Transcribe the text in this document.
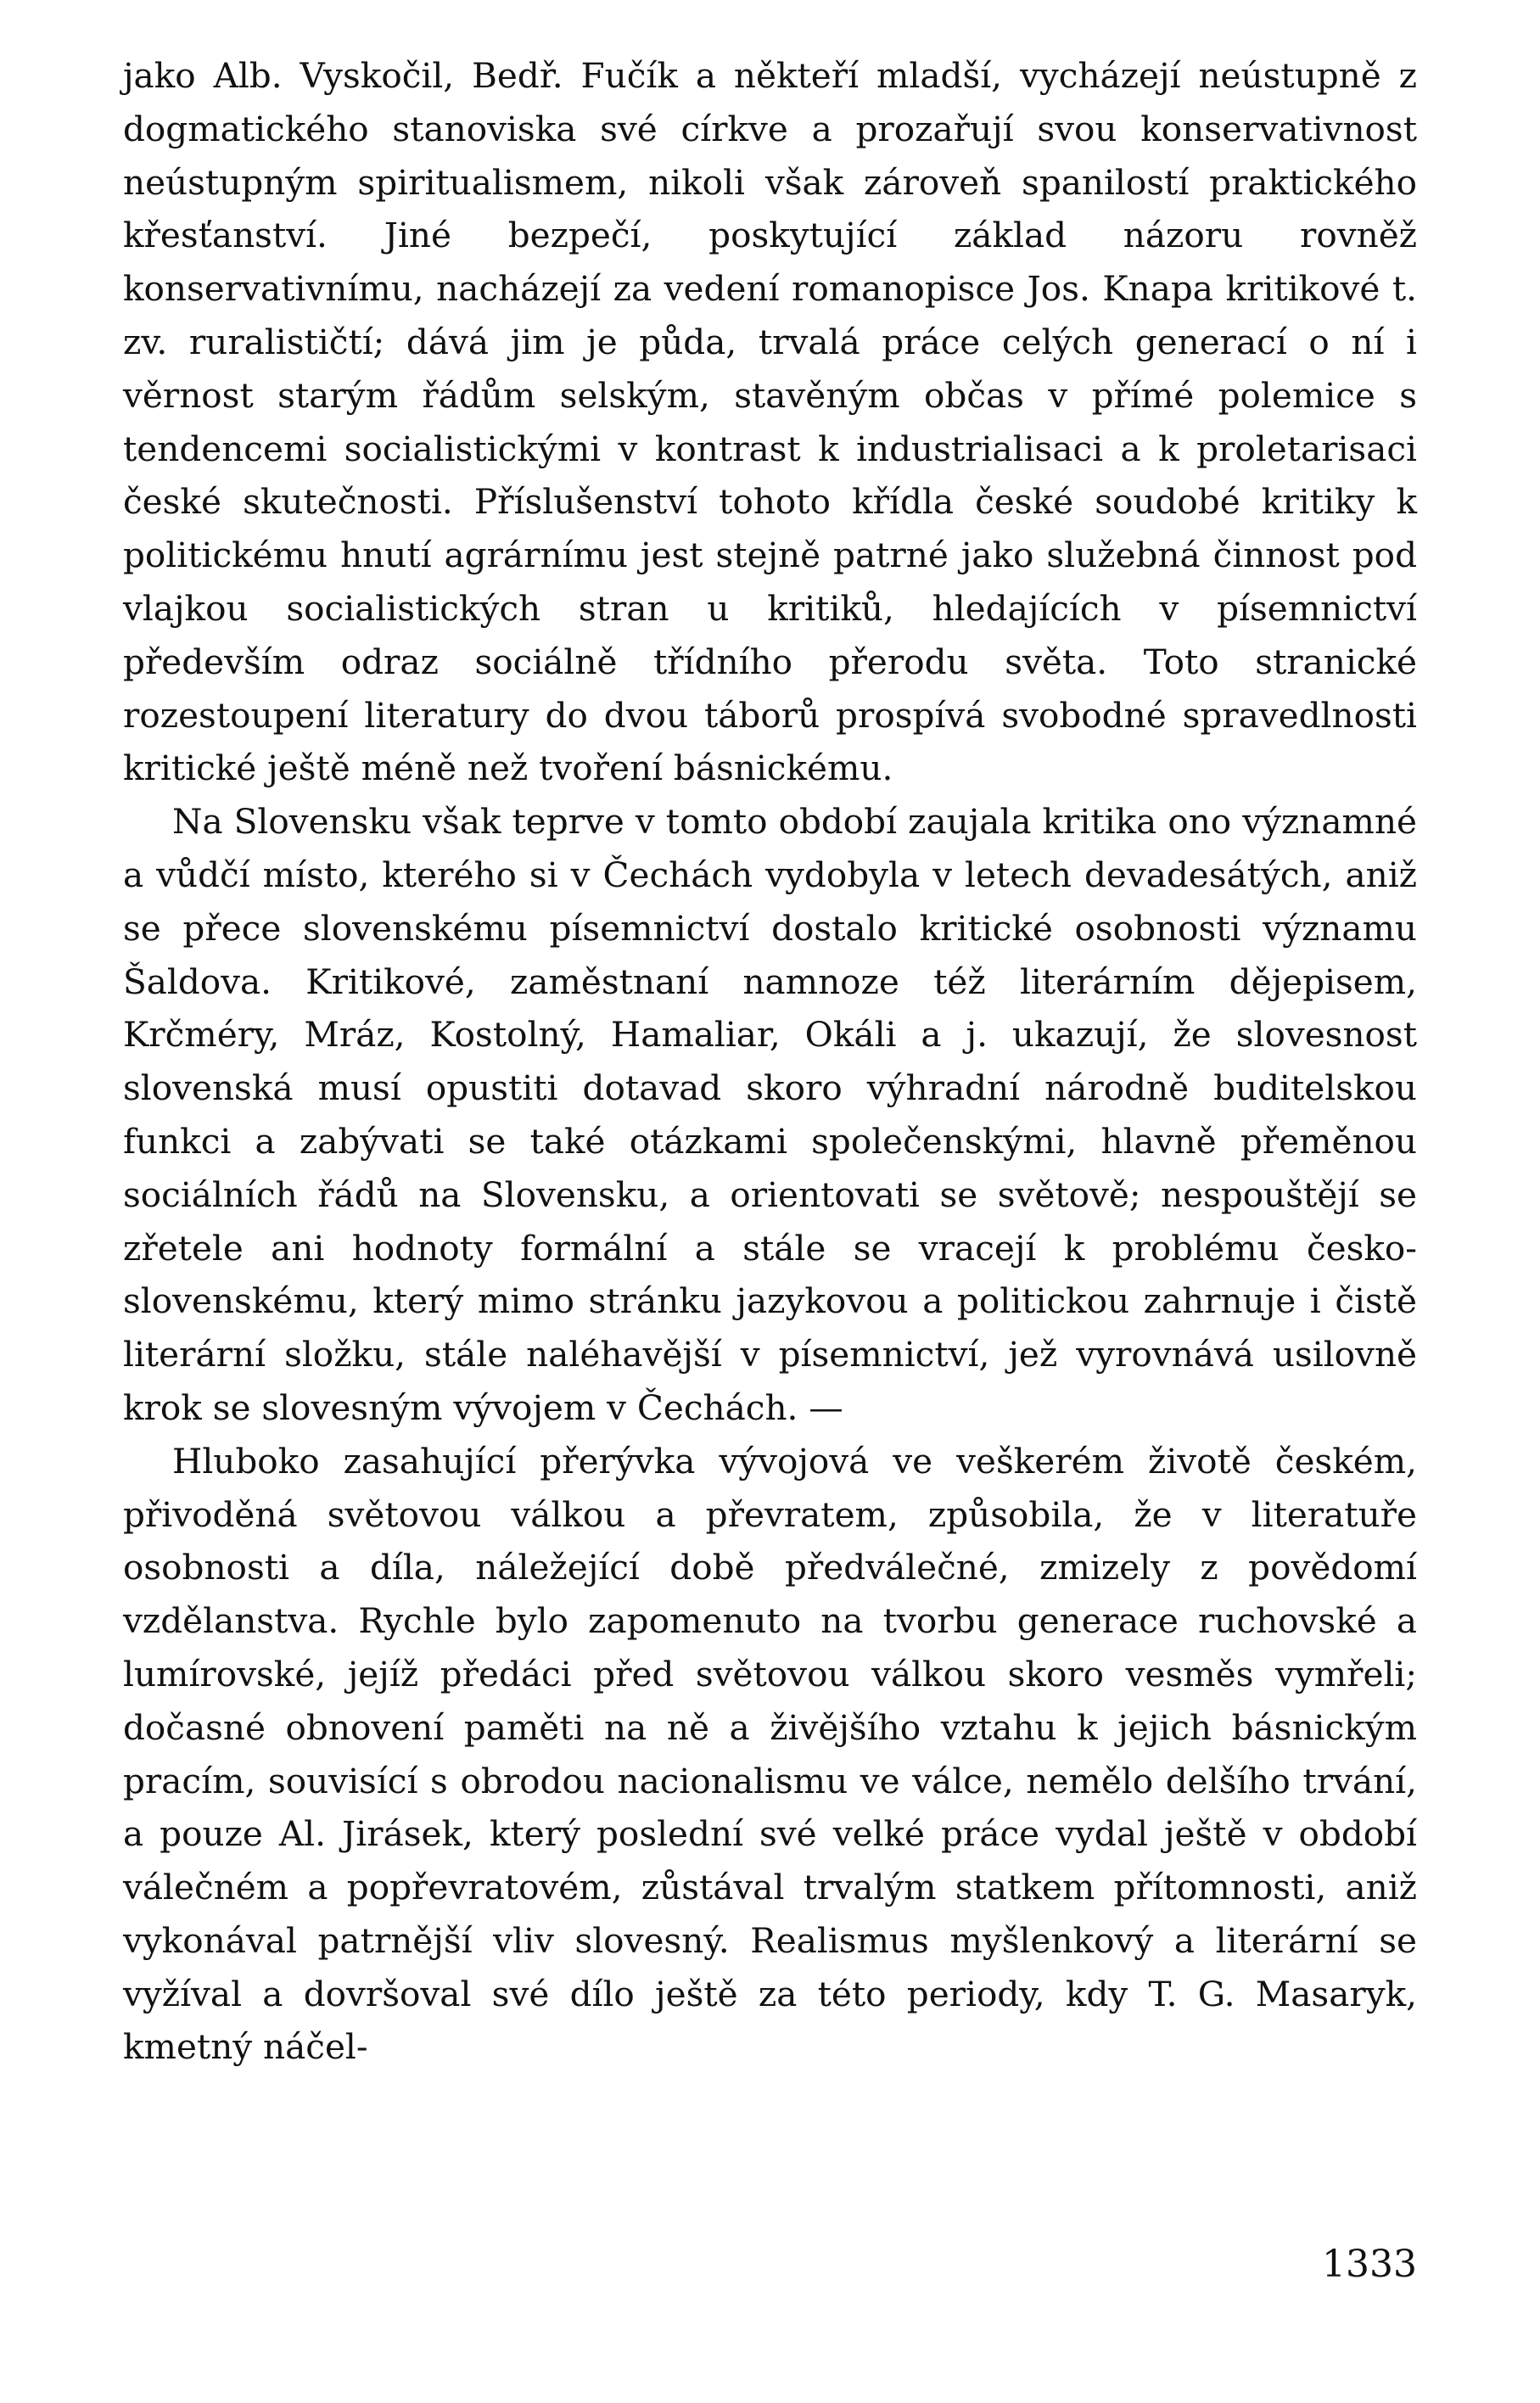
jako Alb. Vyskočil, Bedř. Fučík a někteří mladší, vycházejí neústupně z dogmatického stanoviska své církve a prozařují svou konservativnost neústupným spiritualismem, nikoli však zároveň spanilostí praktického křesťanství. Jiné bezpečí, poskytující základ názoru rovněž konservativnímu, nacházejí za vedení romanopisce Jos. Knapa kritikové t. zv. ruralističtí; dává jim je půda, trvalá práce celých generací o ní i věrnost starým řádům selským, stavěným občas v přímé polemice s tendencemi socialistickými v kontrast k industrialisaci a k proletarisaci české skutečnosti. Příslušenství tohoto křídla české soudobé kritiky k politickému hnutí agrárnímu jest stejně patrné jako služebná činnost pod vlajkou socialistických stran u kritiků, hledajících v písemnictví především odraz sociálně třídního přerodu světa. Toto stranické rozestoupení literatury do dvou táborů prospívá svobodné spravedlnosti kritické ještě méně než tvoření básnickému.

Na Slovensku však teprve v tomto období zaujala kritika ono významné a vůdčí místo, kterého si v Čechách vydobyla v letech devadesátých, aniž se přece slovenskému písemnictví dostalo kritické osobnosti významu Šaldova. Kritikové, zaměstnaní namnoze též literárním dějepisem, Krčméry, Mráz, Kostolný, Hamaliar, Okáli a j. ukazují, že slovesnost slovenská musí opustiti dotavad skoro výhradní národně buditelskou funkci a zabývati se také otázkami společenskými, hlavně přeměnou sociálních řádů na Slovensku, a orientovati se světově; nespouštějí se zřetele ani hodnoty formální a stále se vracejí k problému česko-slovenskému, který mimo stránku jazykovou a politickou zahrnuje i čistě literární složku, stále naléhavější v písemnictví, jež vyrovnává usilovně krok se slovesným vývojem v Čechách. —

Hluboko zasahující přerývka vývojová ve veškerém životě českém, přivoděná světovou válkou a převratem, způsobila, že v literatuře osobnosti a díla, náležející době předválečné, zmizely z povědomí vzdělanstva. Rychle bylo zapomenuto na tvorbu generace ruchovské a lumírovské, jejíž předáci před světovou válkou skoro vesměs vymřeli; dočasné obnovení paměti na ně a živějšího vztahu k jejich básnickým pracím, souvisící s obrodou nacionalismu ve válce, nemělo delšího trvání, a pouze Al. Jirásek, který poslední své velké práce vydal ještě v období válečném a popřevratovém, zůstával trvalým statkem přítomnosti, aniž vykonával patrnější vliv slovesný. Realismus myšlenkový a literární se vyžíval a dovršoval své dílo ještě za této periody, kdy T. G. Masaryk, kmetný náčel-

1333
